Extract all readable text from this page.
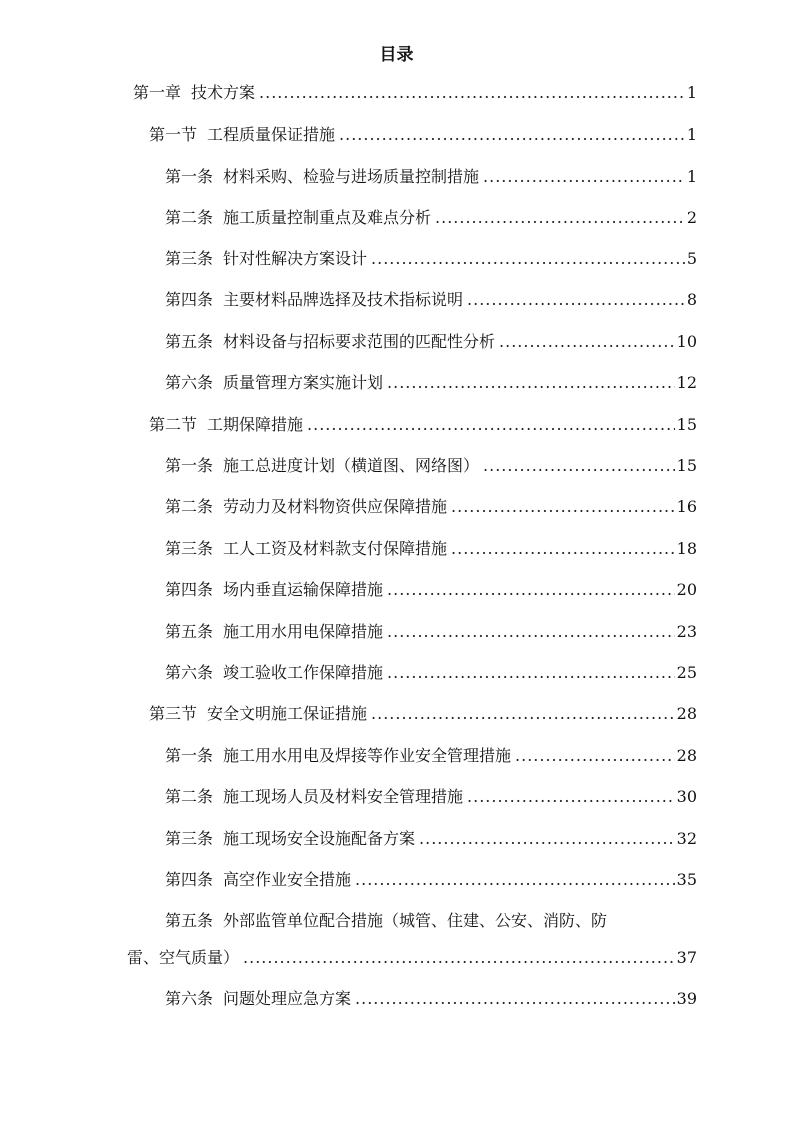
目录
第一章 技术方案 .....	1
第一节 工程质量保证措施 .....	1
第一条 材料采购、检验与进场质量控制措施 .....	1
第二条 施工质量控制重点及难点分析 .....	2
第三条 针对性解决方案设计 .....	5
第四条 主要材料品牌选择及技术指标说明 .....	8
第五条 材料设备与招标要求范围的匹配性分析 .....	10
第六条 质量管理方案实施计划 .....	12
第二节 工期保障措施 .....	15
第一条 施工总进度计划（横道图、网络图） .....	15
第二条 劳动力及材料物资供应保障措施 .....	16
第三条 工人工资及材料款支付保障措施 .....	18
第四条 场内垂直运输保障措施 .....	20
第五条 施工用水用电保障措施 .....	23
第六条 竣工验收工作保障措施 .....	25
第三节 安全文明施工保证措施 .....	28
第一条 施工用水用电及焊接等作业安全管理措施 .....	28
第二条 施工现场人员及材料安全管理措施 .....	30
第三条 施工现场安全设施配备方案 .....	32
第四条 高空作业安全措施 .....	35
第五条 外部监管单位配合措施（城管、住建、公安、消防、防
雷、空气质量） .....	37
第六条 问题处理应急方案 .....	39
